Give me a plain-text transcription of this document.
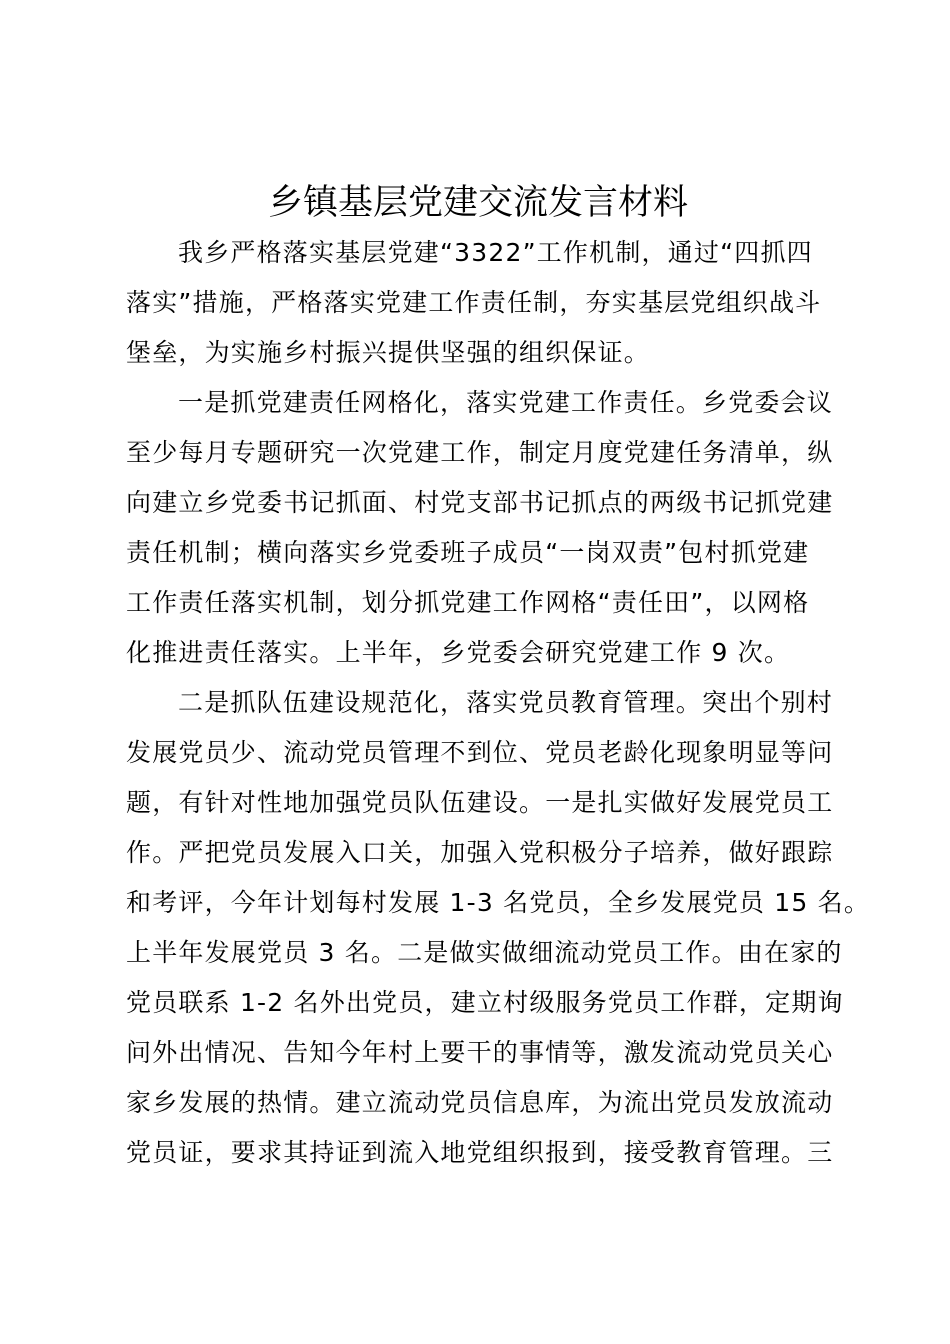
乡镇基层党建交流发言材料

我乡严格落实基层党建“3322”工作机制，通过“四抓四
落实”措施，严格落实党建工作责任制，夯实基层党组织战斗
堡垒，为实施乡村振兴提供坚强的组织保证。

一是抓党建责任网格化，落实党建工作责任。乡党委会议
至少每月专题研究一次党建工作，制定月度党建任务清单，纵
向建立乡党委书记抓面、村党支部书记抓点的两级书记抓党建
责任机制；横向落实乡党委班子成员“一岗双责”包村抓党建
工作责任落实机制，划分抓党建工作网格“责任田”，以网格
化推进责任落实。上半年，乡党委会研究党建工作 9 次。

二是抓队伍建设规范化，落实党员教育管理。突出个别村
发展党员少、流动党员管理不到位、党员老龄化现象明显等问
题，有针对性地加强党员队伍建设。一是扎实做好发展党员工
作。严把党员发展入口关，加强入党积极分子培养，做好跟踪
和考评，今年计划每村发展 1-3 名党员，全乡发展党员 15 名。
上半年发展党员 3 名。二是做实做细流动党员工作。由在家的
党员联系 1-2 名外出党员，建立村级服务党员工作群，定期询
问外出情况、告知今年村上要干的事情等，激发流动党员关心
家乡发展的热情。建立流动党员信息库，为流出党员发放流动
党员证，要求其持证到流入地党组织报到，接受教育管理。三
